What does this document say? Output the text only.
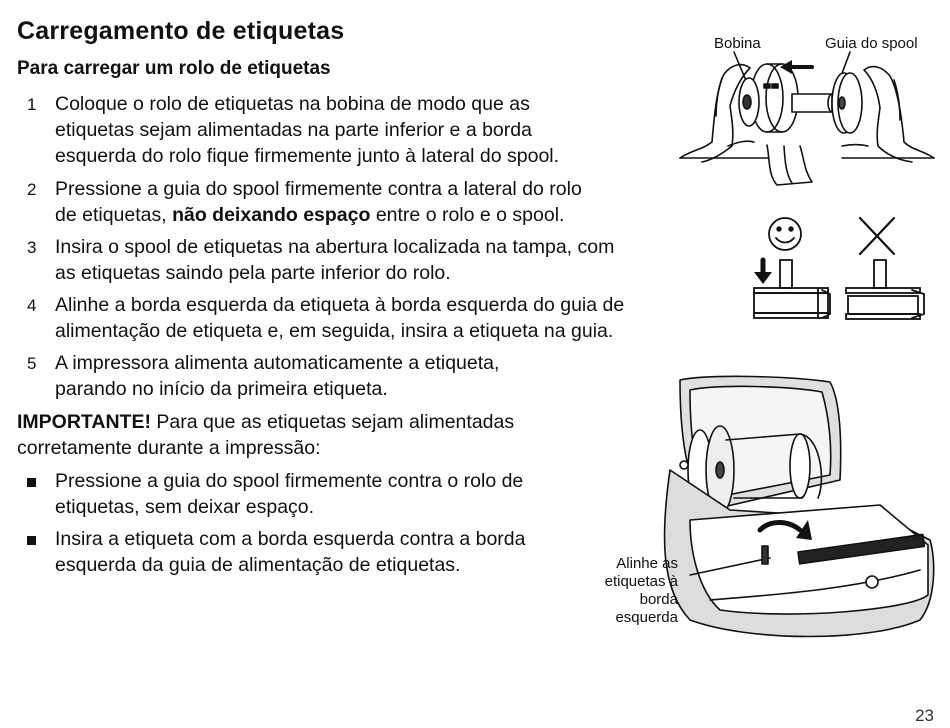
Carregamento de etiquetas
Para carregar um rolo de etiquetas
1 Coloque o rolo de etiquetas na bobina de modo que as
etiquetas sejam alimentadas na parte inferior e a borda
esquerda do rolo fique firmemente junto à lateral do spool.
2 Pressione a guia do spool firmemente contra a lateral do rolo
de etiquetas, não deixando espaço entre o rolo e o spool.
3 Insira o spool de etiquetas na abertura localizada na tampa, com
as etiquetas saindo pela parte inferior do rolo.
4 Alinhe a borda esquerda da etiqueta à borda esquerda do guia de
alimentação de etiqueta e, em seguida, insira a etiqueta na guia.
5 A impressora alimenta automaticamente a etiqueta,
parando no início da primeira etiqueta.
IMPORTANTE! Para que as etiquetas sejam alimentadas
corretamente durante a impressão:
Pressione a guia do spool firmemente contra o rolo de
etiquetas, sem deixar espaço.
Insira a etiqueta com a borda esquerda contra a borda
esquerda da guia de alimentação de etiquetas.
Bobina	Guia do spool
Alinhe as
etiquetas à
borda
esquerda
23
